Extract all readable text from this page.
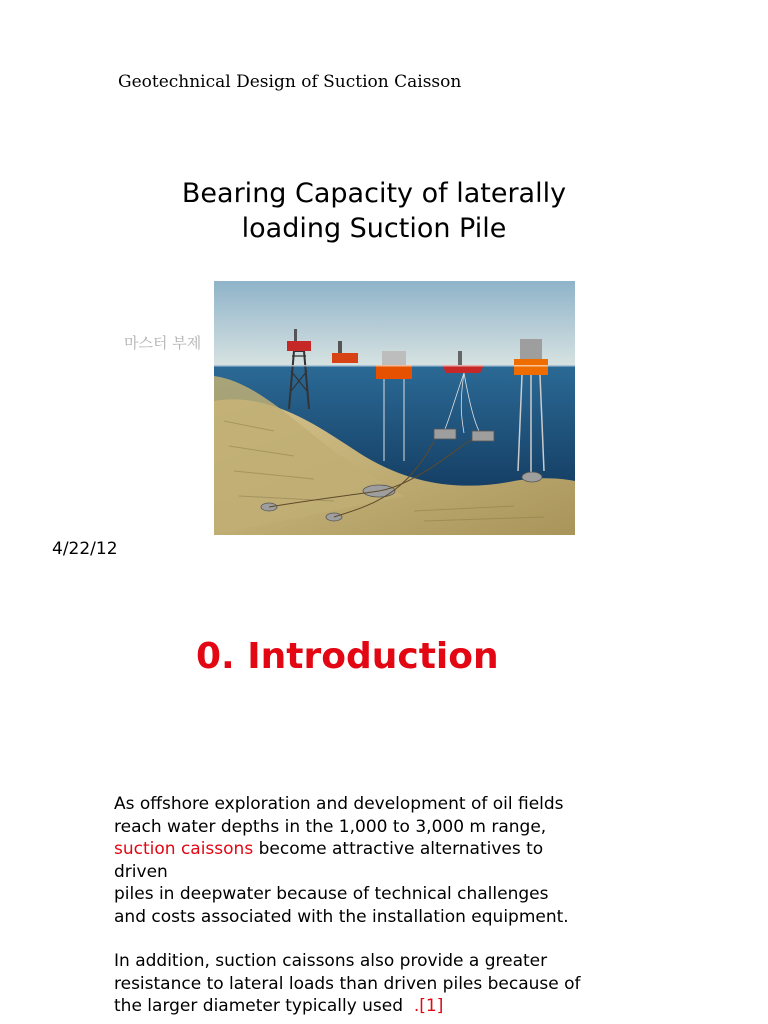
Geotechnical Design of Suction Caisson
Bearing Capacity of laterally
loading Suction Pile
마스터 부제
4/22/12
0. Introduction

As offshore exploration and development of oil fields
reach water depths in the 1,000 to 3,000 m range,
suction caissons become attractive alternatives to
driven
piles in deepwater because of technical challenges
and costs associated with the installation equipment.

In addition, suction caissons also provide a greater
resistance to lateral loads than driven piles because of
the larger diameter typically used  .[1]
